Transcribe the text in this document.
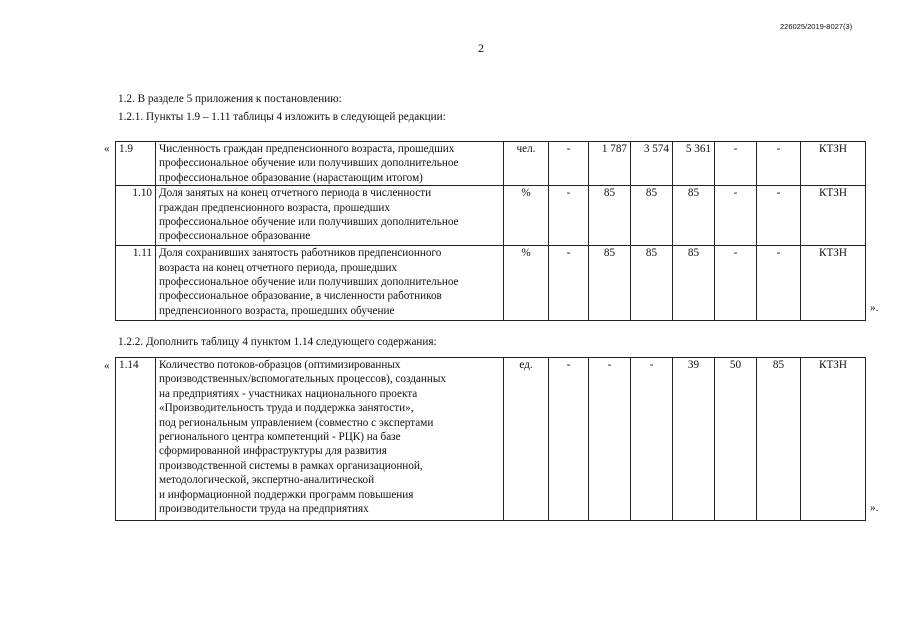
226025/2019-8027(3)
2
1.2. В разделе 5 приложения к постановлению:
1.2.1. Пункты 1.9 – 1.11 таблицы 4 изложить в следующей редакции:
« 1.9	Численность граждан предпенсионного возраста, прошедших
профессиональное обучение или получивших дополнительное
профессиональное образование (нарастающим итогом)	чел.	-	1 787	3 574	5 361	-	-	КТЗН
1.10	Доля занятых на конец отчетного периода в численности
граждан предпенсионного возраста, прошедших
профессиональное обучение или получивших дополнительное
профессиональное образование	%	-	85	85	85	-	-	КТЗН
1.11	Доля сохранивших занятость работников предпенсионного
возраста на конец отчетного периода, прошедших
профессиональное обучение или получивших дополнительное
профессиональное образование, в численности работников
предпенсионного возраста, прошедших обучение	%	-	85	85	85	-	-	КТЗН
».
1.2.2. Дополнить таблицу 4 пунктом 1.14 следующего содержания:
« 1.14	Количество потоков-образцов (оптимизированных
производственных/вспомогательных процессов), созданных
на предприятиях - участниках национального проекта
«Производительность труда и поддержка занятости»,
под региональным управлением (совместно с экспертами
регионального центра компетенций - РЦК) на базе
сформированной инфраструктуры для развития
производственной системы в рамках организационной,
методологической, экспертно-аналитической
и информационной поддержки программ повышения
производительности труда на предприятиях
	ед.	-	-	-	39	50	85	КТЗН
».
